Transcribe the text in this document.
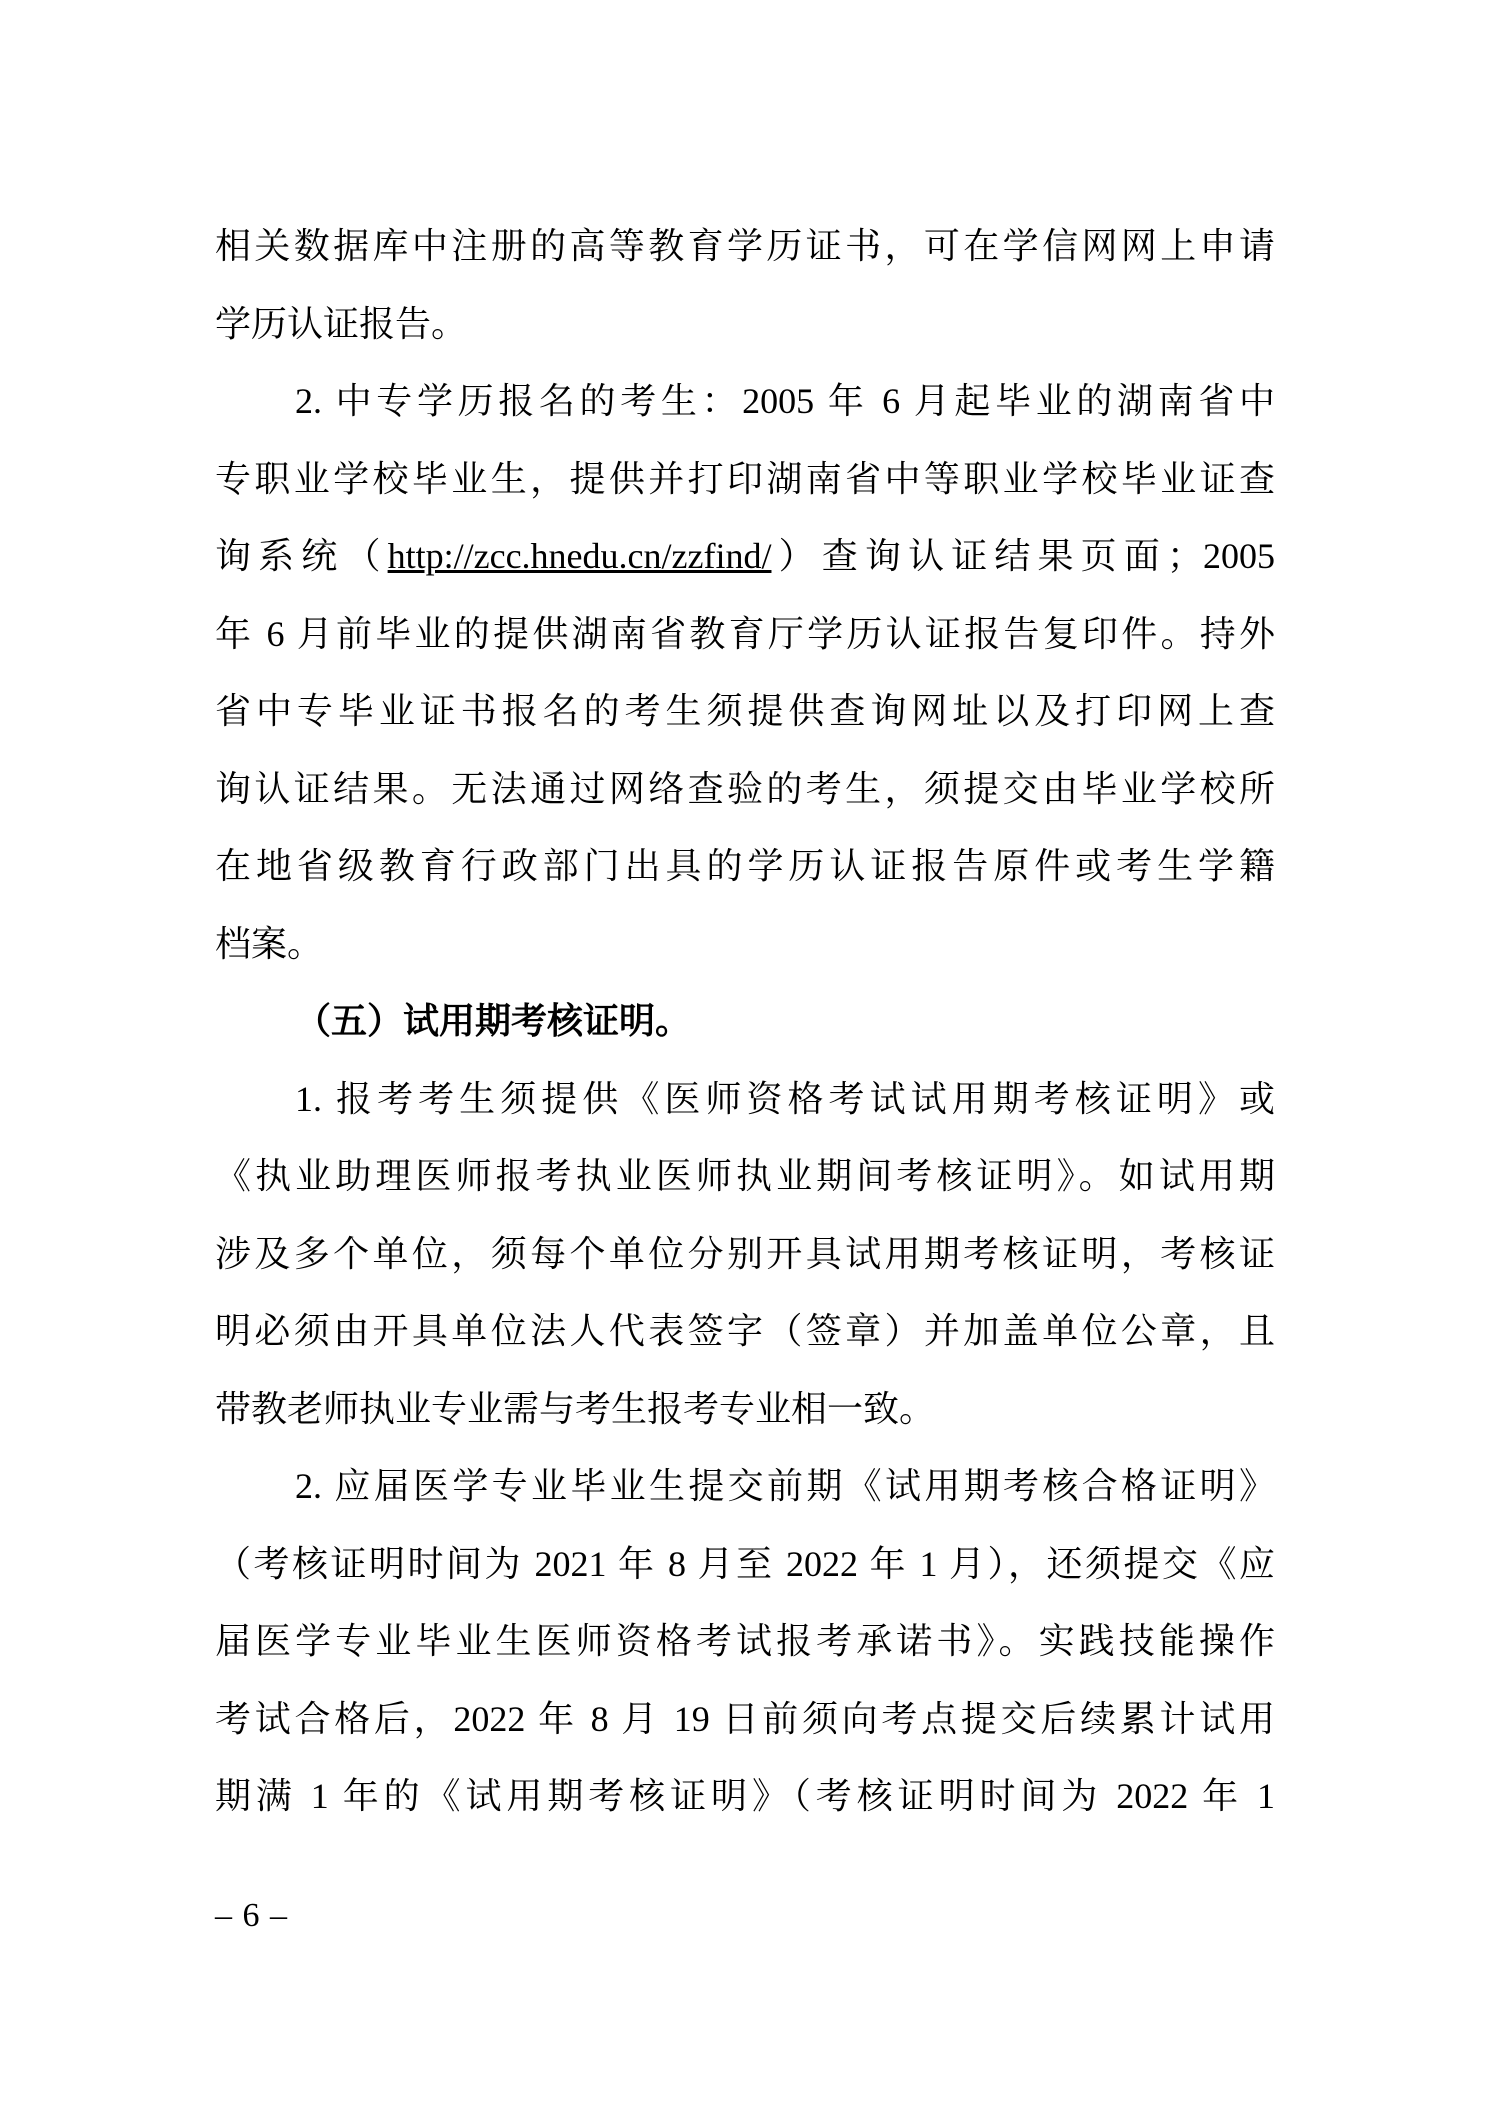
相关数据库中注册的高等教育学历证书，可在学信网网上申请
学历认证报告。
2. 中专学历报名的考生：2005 年 6 月起毕业的湖南省中
专职业学校毕业生，提供并打印湖南省中等职业学校毕业证查
询系统（http://zcc.hnedu.cn/zzfind/）查询认证结果页面；2005
年 6 月前毕业的提供湖南省教育厅学历认证报告复印件。持外
省中专毕业证书报名的考生须提供查询网址以及打印网上查
询认证结果。无法通过网络查验的考生，须提交由毕业学校所
在地省级教育行政部门出具的学历认证报告原件或考生学籍
档案。
（五）试用期考核证明。
1. 报考考生须提供《医师资格考试试用期考核证明》或
《执业助理医师报考执业医师执业期间考核证明》。如试用期
涉及多个单位，须每个单位分别开具试用期考核证明，考核证
明必须由开具单位法人代表签字（签章）并加盖单位公章，且
带教老师执业专业需与考生报考专业相一致。
2. 应届医学专业毕业生提交前期《试用期考核合格证明》
（考核证明时间为 2021 年 8 月至 2022 年 1 月），还须提交《应
届医学专业毕业生医师资格考试报考承诺书》。实践技能操作
考试合格后，2022 年 8 月 19 日前须向考点提交后续累计试用
期满 1 年的《试用期考核证明》（考核证明时间为 2022 年 1
– 6 –
